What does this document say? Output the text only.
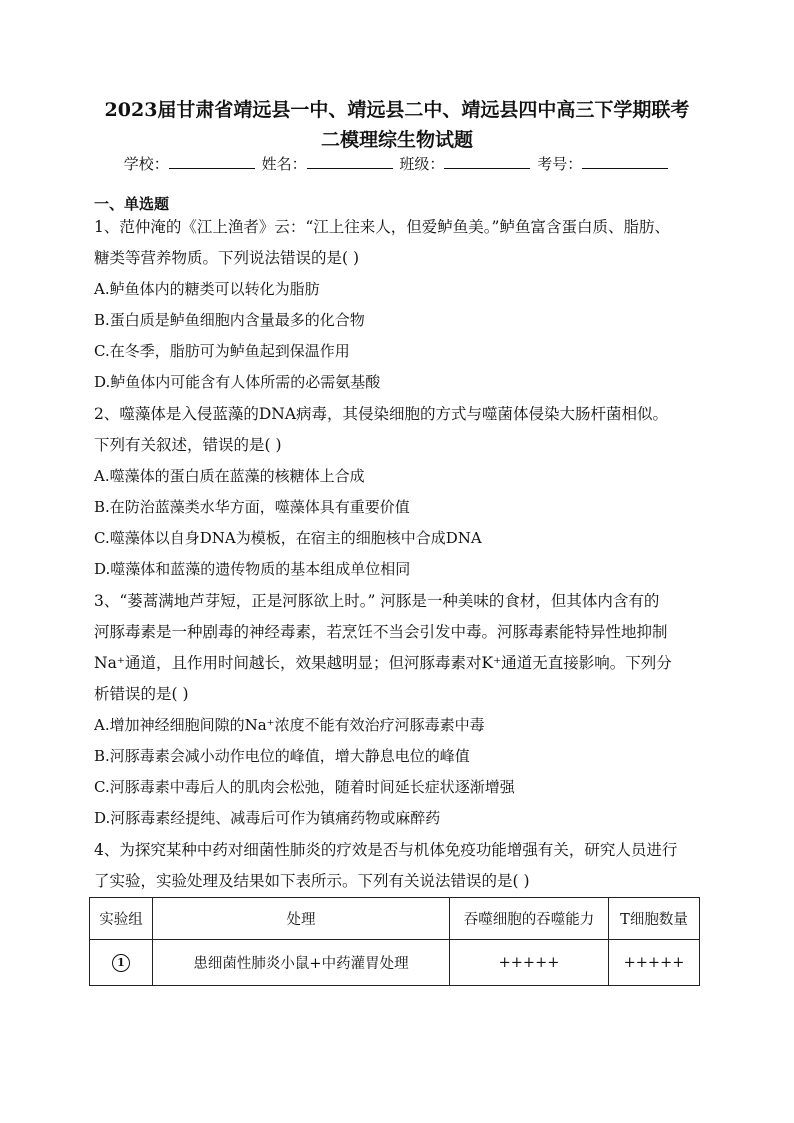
2023届甘肃省靖远县一中、靖远县二中、靖远县四中高三下学期联考
二模理综生物试题
学校：	姓名：	班级：	考号：
一、单选题
1、范仲淹的《江上渔者》云：“江上往来人，但爱鲈鱼美。”鲈鱼富含蛋白质、脂肪、
糖类等营养物质。下列说法错误的是( )
A.鲈鱼体内的糖类可以转化为脂肪
B.蛋白质是鲈鱼细胞内含量最多的化合物
C.在冬季，脂肪可为鲈鱼起到保温作用
D.鲈鱼体内可能含有人体所需的必需氨基酸
2、噬藻体是入侵蓝藻的DNA病毒，其侵染细胞的方式与噬菌体侵染大肠杆菌相似。
下列有关叙述，错误的是( )
A.噬藻体的蛋白质在蓝藻的核糖体上合成
B.在防治蓝藻类水华方面，噬藻体具有重要价值
C.噬藻体以自身DNA为模板，在宿主的细胞核中合成DNA
D.噬藻体和蓝藻的遗传物质的基本组成单位相同
3、“蒌蒿满地芦芽短，正是河豚欲上时。” 河豚是一种美味的食材，但其体内含有的
河豚毒素是一种剧毒的神经毒素，若烹饪不当会引发中毒。河豚毒素能特异性地抑制
Na⁺通道，且作用时间越长，效果越明显；但河豚毒素对K⁺通道无直接影响。下列分
析错误的是( )
A.增加神经细胞间隙的Na⁺浓度不能有效治疗河豚毒素中毒
B.河豚毒素会减小动作电位的峰值，增大静息电位的峰值
C.河豚毒素中毒后人的肌肉会松弛，随着时间延长症状逐渐增强
D.河豚毒素经提纯、减毒后可作为镇痛药物或麻醉药
4、为探究某种中药对细菌性肺炎的疗效是否与机体免疫功能增强有关，研究人员进行
了实验，实验处理及结果如下表所示。下列有关说法错误的是( )
实验组	处理	吞噬细胞的吞噬能力	T细胞数量
1	患细菌性肺炎小鼠+中药灌胃处理	+++++	+++++
